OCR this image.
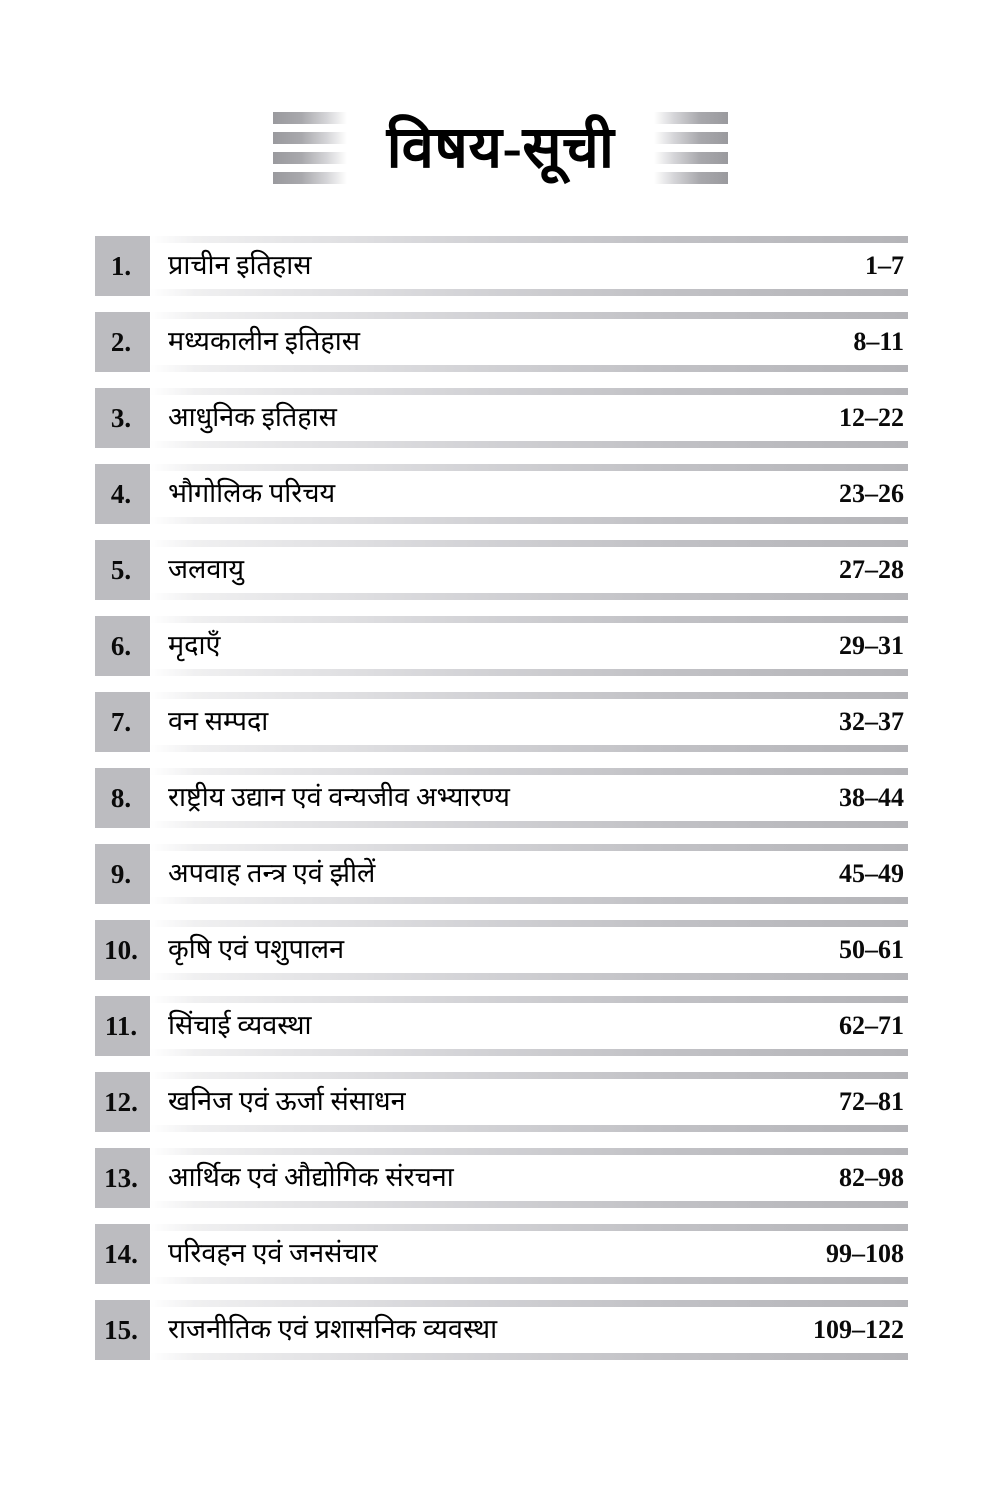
विषय-सूची
1. प्राचीन इतिहास	1–7
2. मध्यकालीन इतिहास	8–11
3. आधुनिक इतिहास	12–22
4. भौगोलिक परिचय	23–26
5. जलवायु	27–28
6. मृदाएँ	29–31
7. वन सम्पदा	32–37
8. राष्ट्रीय उद्यान एवं वन्यजीव अभ्यारण्य	38–44
9. अपवाह तन्त्र एवं झीलें	45–49
10. कृषि एवं पशुपालन	50–61
11. सिंचाई व्यवस्था	62–71
12. खनिज एवं ऊर्जा संसाधन	72–81
13. आर्थिक एवं औद्योगिक संरचना	82–98
14. परिवहन एवं जनसंचार	99–108
15. राजनीतिक एवं प्रशासनिक व्यवस्था	109–122
